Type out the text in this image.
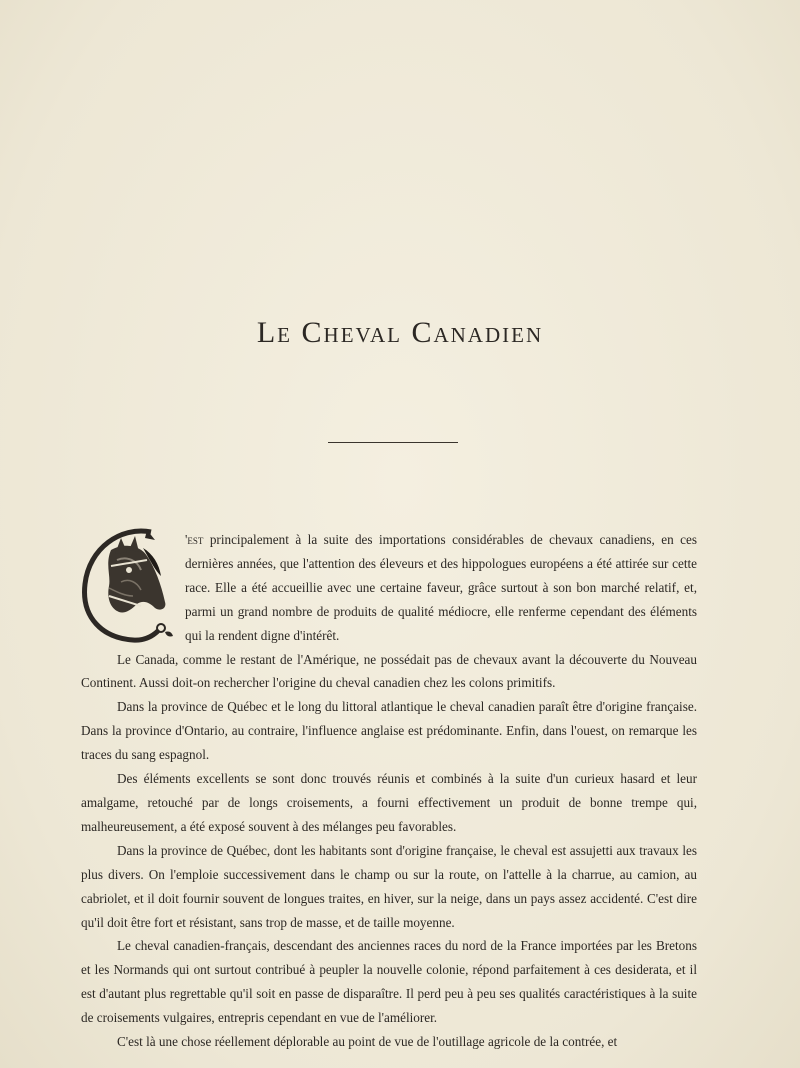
Le Cheval Canadien

'est principalement à la suite des importations considérables de chevaux canadiens, en ces dernières années, que l'attention des éleveurs et des hippologues européens a été attirée sur cette race. Elle a été accueillie avec une certaine faveur, grâce surtout à son bon marché relatif, et, parmi un grand nombre de produits de qualité médiocre, elle renferme cependant des éléments qui la rendent digne d'intérêt.

Le Canada, comme le restant de l'Amérique, ne possédait pas de chevaux avant la découverte du Nouveau Continent. Aussi doit-on rechercher l'origine du cheval canadien chez les colons primitifs.

Dans la province de Québec et le long du littoral atlantique le cheval canadien paraît être d'origine française. Dans la province d'Ontario, au contraire, l'influence anglaise est prédominante. Enfin, dans l'ouest, on remarque les traces du sang espagnol.

Des éléments excellents se sont donc trouvés réunis et combinés à la suite d'un curieux hasard et leur amalgame, retouché par de longs croisements, a fourni effectivement un produit de bonne trempe qui, malheureusement, a été exposé souvent à des mélanges peu favorables.

Dans la province de Québec, dont les habitants sont d'origine française, le cheval est assujetti aux travaux les plus divers. On l'emploie successivement dans le champ ou sur la route, on l'attelle à la charrue, au camion, au cabriolet, et il doit fournir souvent de longues traites, en hiver, sur la neige, dans un pays assez accidenté. C'est dire qu'il doit être fort et résistant, sans trop de masse, et de taille moyenne.

Le cheval canadien-français, descendant des anciennes races du nord de la France importées par les Bretons et les Normands qui ont surtout contribué à peupler la nouvelle colonie, répond parfaitement à ces desiderata, et il est d'autant plus regrettable qu'il soit en passe de disparaître. Il perd peu à peu ses qualités caractéristiques à la suite de croisements vulgaires, entrepris cependant en vue de l'améliorer.

C'est là une chose réellement déplorable au point de vue de l'outillage agricole de la contrée, et
